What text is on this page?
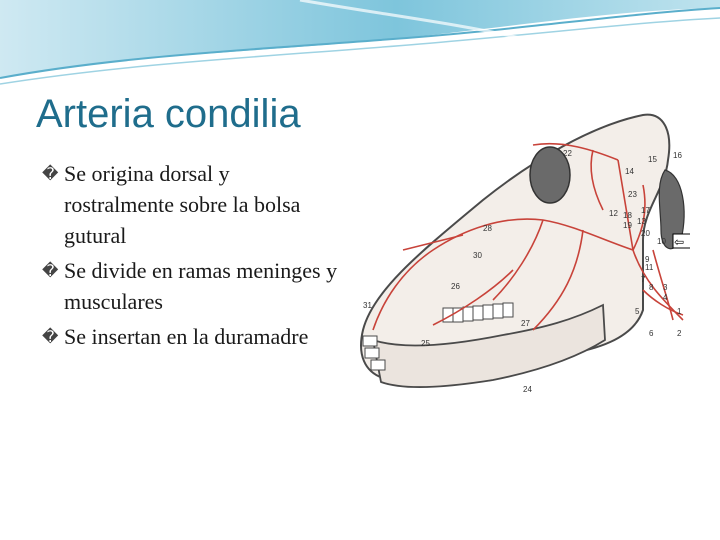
Arteria condilia
� Se origina dorsal y rostralmente sobre la bolsa gutural
� Se divide en ramas meninges y musculares
� Se insertan en la duramadre
22	16
15
14
23
17
12 18
19 13
20
28
10
9
11
30
26
7
8 3
4
1
31
25
5
6	2
27
24
⇦
